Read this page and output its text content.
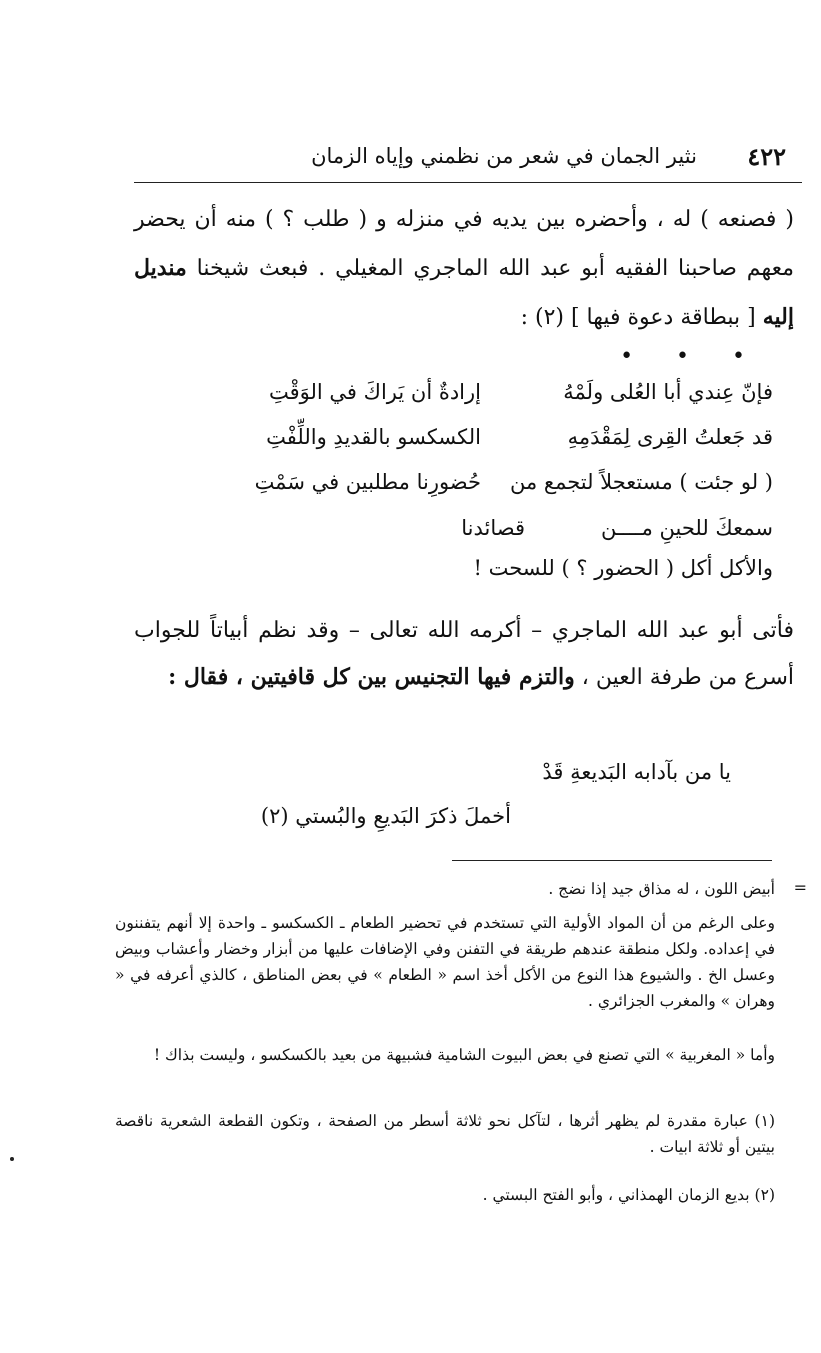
٤٢٢
نثير الجمان في شعر من نظمني وإياه الزمان
( فصنعه ) له ، وأحضره بين يديه في منزله و ( طلب ؟ ) منه أن يحضر معهم صاحبنا الفقيه أبو عبد الله الماجري المغيلي . فبعث شيخنا منديل إليه [ ببطاقة دعوة فيها ] (٢) :
• • •
فإنّ عِندي أبا العُلى ولَمْهُ
إرادةٌ أن يَراكَ في الوَقْتِ
قد جَعلتُ القِرى لِمَقْدَمِهِ
الكسكسو بالقديدِ واللِّفْتِ
( لو جئت ) مستعجلاً لتجمع من
حُضورِنا مطلبين في سَمْتِ
سمعكَ للحينِ مــــن
قصائدنا
والأكل أكل ( الحضور ؟ ) للسحت !
فأتى أبو عبد الله الماجري – أكرمه الله تعالى – وقد نظم أبياتاً للجواب أسرع من طرفة العين ، والتزم فيها التجنيس بين كل قافيتين ، فقال :
يا من بآدابه البَديعةِ قَدْ
أخملَ ذكرَ البَديعِ والبُستي (٢)
=
أبيض اللون ، له مذاق جيد إذا نضج .
وعلى الرغم من أن المواد الأولية التي تستخدم في تحضير الطعام ـ الكسكسو ـ واحدة إلا أنهم يتفننون في إعداده. ولكل منطقة عندهم طريقة في التفنن وفي الإضافات عليها من أبزار وخضار وأعشاب وبيض وعسل الخ . والشيوع هذا النوع من الأكل أخذ اسم « الطعام » في بعض المناطق ، كالذي أعرفه في « وهران » والمغرب الجزائري .
وأما « المغربية » التي تصنع في بعض البيوت الشامية فشبيهة من بعيد بالكسكسو ، وليست بذاك !
(١) عبارة مقدرة لم يظهر أثرها ، لتآكل نحو ثلاثة أسطر من الصفحة ، وتكون القطعة الشعرية ناقصة بيتين أو ثلاثة ابيات .
(٢) بديع الزمان الهمذاني ، وأبو الفتح البستي .
